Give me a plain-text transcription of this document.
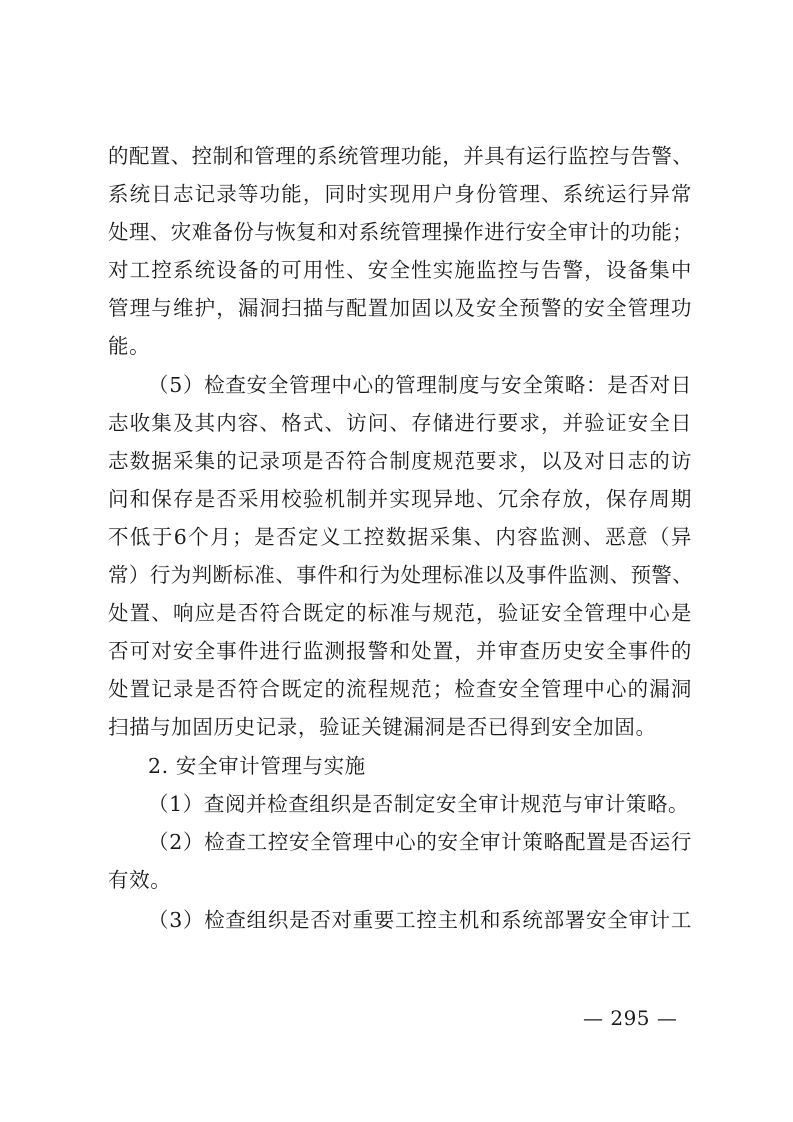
的配置、控制和管理的系统管理功能，并具有运行监控与告警、
系统日志记录等功能，同时实现用户身份管理、系统运行异常
处理、灾难备份与恢复和对系统管理操作进行安全审计的功能；
对工控系统设备的可用性、安全性实施监控与告警，设备集中
管理与维护，漏洞扫描与配置加固以及安全预警的安全管理功
能。
（5）检查安全管理中心的管理制度与安全策略：是否对日
志收集及其内容、格式、访问、存储进行要求，并验证安全日
志数据采集的记录项是否符合制度规范要求，以及对日志的访
问和保存是否采用校验机制并实现异地、冗余存放，保存周期
不低于6个月；是否定义工控数据采集、内容监测、恶意（异
常）行为判断标准、事件和行为处理标准以及事件监测、预警、
处置、响应是否符合既定的标准与规范，验证安全管理中心是
否可对安全事件进行监测报警和处置，并审查历史安全事件的
处置记录是否符合既定的流程规范；检查安全管理中心的漏洞
扫描与加固历史记录，验证关键漏洞是否已得到安全加固。
2. 安全审计管理与实施
（1）查阅并检查组织是否制定安全审计规范与审计策略。
（2）检查工控安全管理中心的安全审计策略配置是否运行
有效。
（3）检查组织是否对重要工控主机和系统部署安全审计工
— 295 —
